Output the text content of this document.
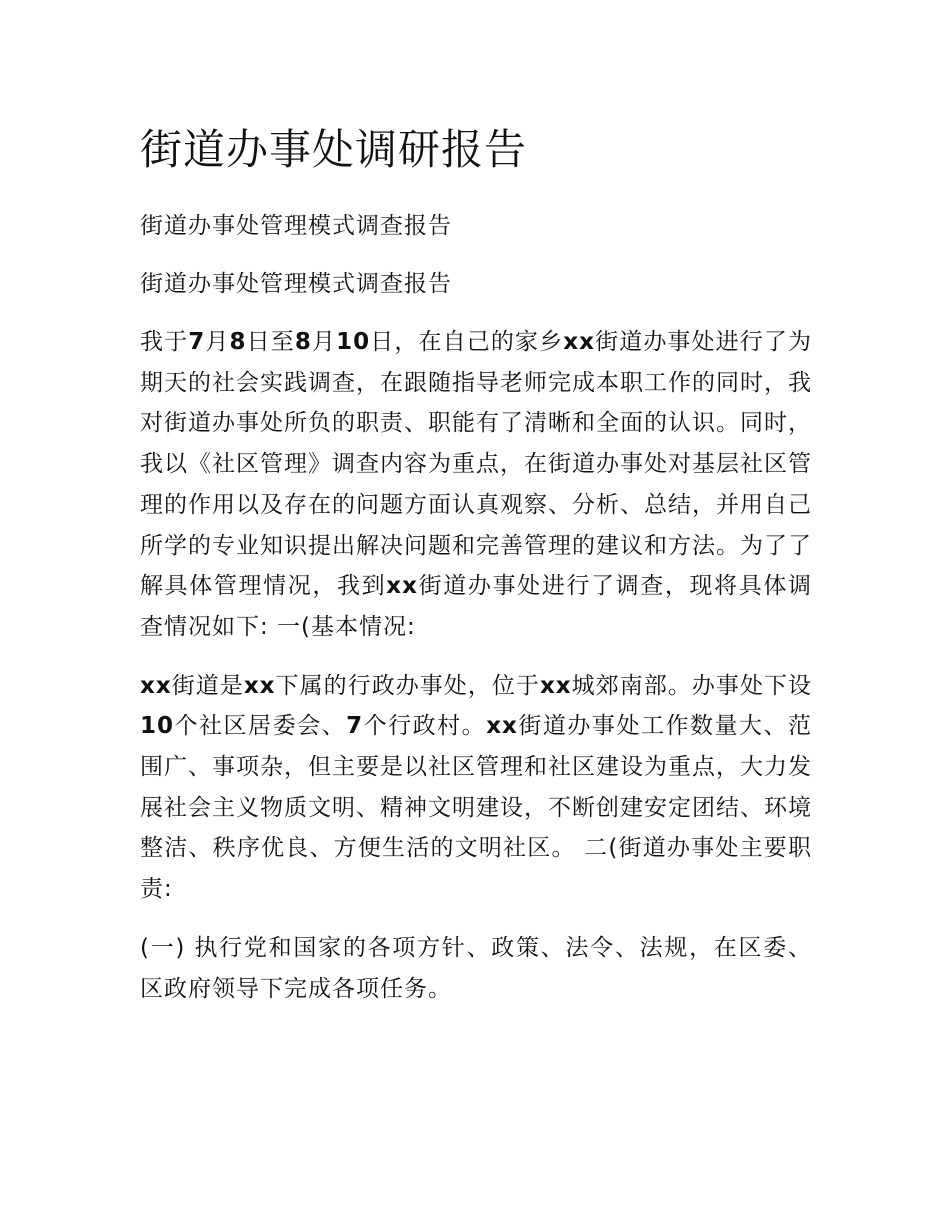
街道办事处调研报告

街道办事处管理模式调查报告

街道办事处管理模式调查报告

我于7月8日至8月10日，在自己的家乡xx街道办事处进行了为期天的社会实践调查，在跟随指导老师完成本职工作的同时，我对街道办事处所负的职责、职能有了清晰和全面的认识。同时，我以《社区管理》调查内容为重点，在街道办事处对基层社区管理的作用以及存在的问题方面认真观察、分析、总结，并用自己所学的专业知识提出解决问题和完善管理的建议和方法。为了了解具体管理情况，我到xx街道办事处进行了调查，现将具体调查情况如下: 一(基本情况:

xx街道是xx下属的行政办事处，位于xx城郊南部。办事处下设10个社区居委会、7个行政村。xx街道办事处工作数量大、范围广、事项杂，但主要是以社区管理和社区建设为重点，大力发展社会主义物质文明、精神文明建设，不断创建安定团结、环境整洁、秩序优良、方便生活的文明社区。 二(街道办事处主要职责:

(一) 执行党和国家的各项方针、政策、法令、法规，在区委、区政府领导下完成各项任务。
